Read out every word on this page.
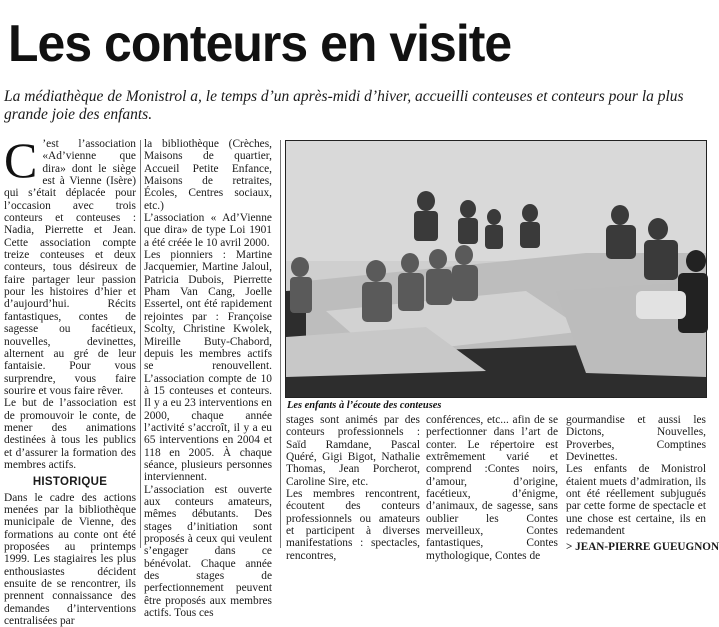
Les conteurs en visite
La médiathèque de Monistrol a, le temps d’un après-midi d’hiver, accueilli conteuses et conteurs pour la plus grande joie des enfants.

C ’est l’association «Ad’vienne que dira» dont le siège est à Vienne (Isère) qui s’était déplacée pour l’occasion avec trois conteurs et conteuses : Nadia, Pierrette et Jean. Cette association compte treize conteuses et deux conteurs, tous désireux de faire partager leur passion pour les histoires d’hier et d’aujourd’hui. Récits fantastiques, contes de sagesse ou facétieux, nouvelles, devinettes, alternent au gré de leur fantaisie. Pour vous surprendre, vous faire sourire et vous faire rêver.

Le but de l’association est de promouvoir le conte, de mener des animations destinées à tous les publics et d’assurer la formation des membres actifs.

HISTORIQUE

Dans le cadre des actions menées par la bibliothèque municipale de Vienne, des formations au conte ont été proposées au printemps 1999. Les stagiaires les plus enthousiastes décident ensuite de se rencontrer, ils prennent connaissance des demandes d’interventions centralisées par

la bibliothèque (Crèches, Maisons de quartier, Accueil Petite Enfance, Maisons de retraites, Écoles, Centres sociaux, etc.)

L’association « Ad’Vienne que dira» de type Loi 1901 a été créée le 10 avril 2000.

Les pionniers : Martine Jacquemier, Martine Jaloul, Patricia Dubois, Pierrette Pham Van Cang, Joelle Essertel, ont été rapidement rejointes par : Françoise Scolty, Christine Kwolek, Mireille Buty-Chabord, depuis les membres actifs se renouvellent. L’association compte de 10 à 15 conteuses et conteurs. Il y a eu 23 interventions en 2000, chaque année l’activité s’accroît, il y a eu 65 interventions en 2004 et 118 en 2005. À chaque séance, plusieurs personnes interviennent.

L’association est ouverte aux conteurs amateurs, mêmes débutants. Des stages d’initiation sont proposés à ceux qui veulent s’engager dans ce bénévolat. Chaque année des stages de perfectionnement peuvent être proposés aux membres actifs. Tous ces

Les enfants à l’écoute des conteuses

stages sont animés par des conteurs professionnels : Saïd Ramdane, Pascal Quéré, Gigi Bigot, Nathalie Thomas, Jean Porcherot, Caroline Sire, etc.

Les membres rencontrent, écoutent des conteurs professionnels ou amateurs et participent à diverses manifestations : spectacles, rencontres,

conférences, etc... afin de se perfectionner dans l’art de conter. Le répertoire est extrêmement varié et comprend :Contes noirs, d’amour, d’origine, facétieux, d’énigme, d’animaux, de sagesse, sans oublier les Contes merveilleux, Contes fantastiques, Contes mythologique, Contes de

gourmandise et aussi les Dictons, Nouvelles, Proverbes, Comptines Devinettes.

Les enfants de Monistrol étaient muets d’admiration, ils ont été réellement subjugués par cette forme de spectacle et une chose est certaine, ils en redemandent

> JEAN-PIERRE GUEUGNON
